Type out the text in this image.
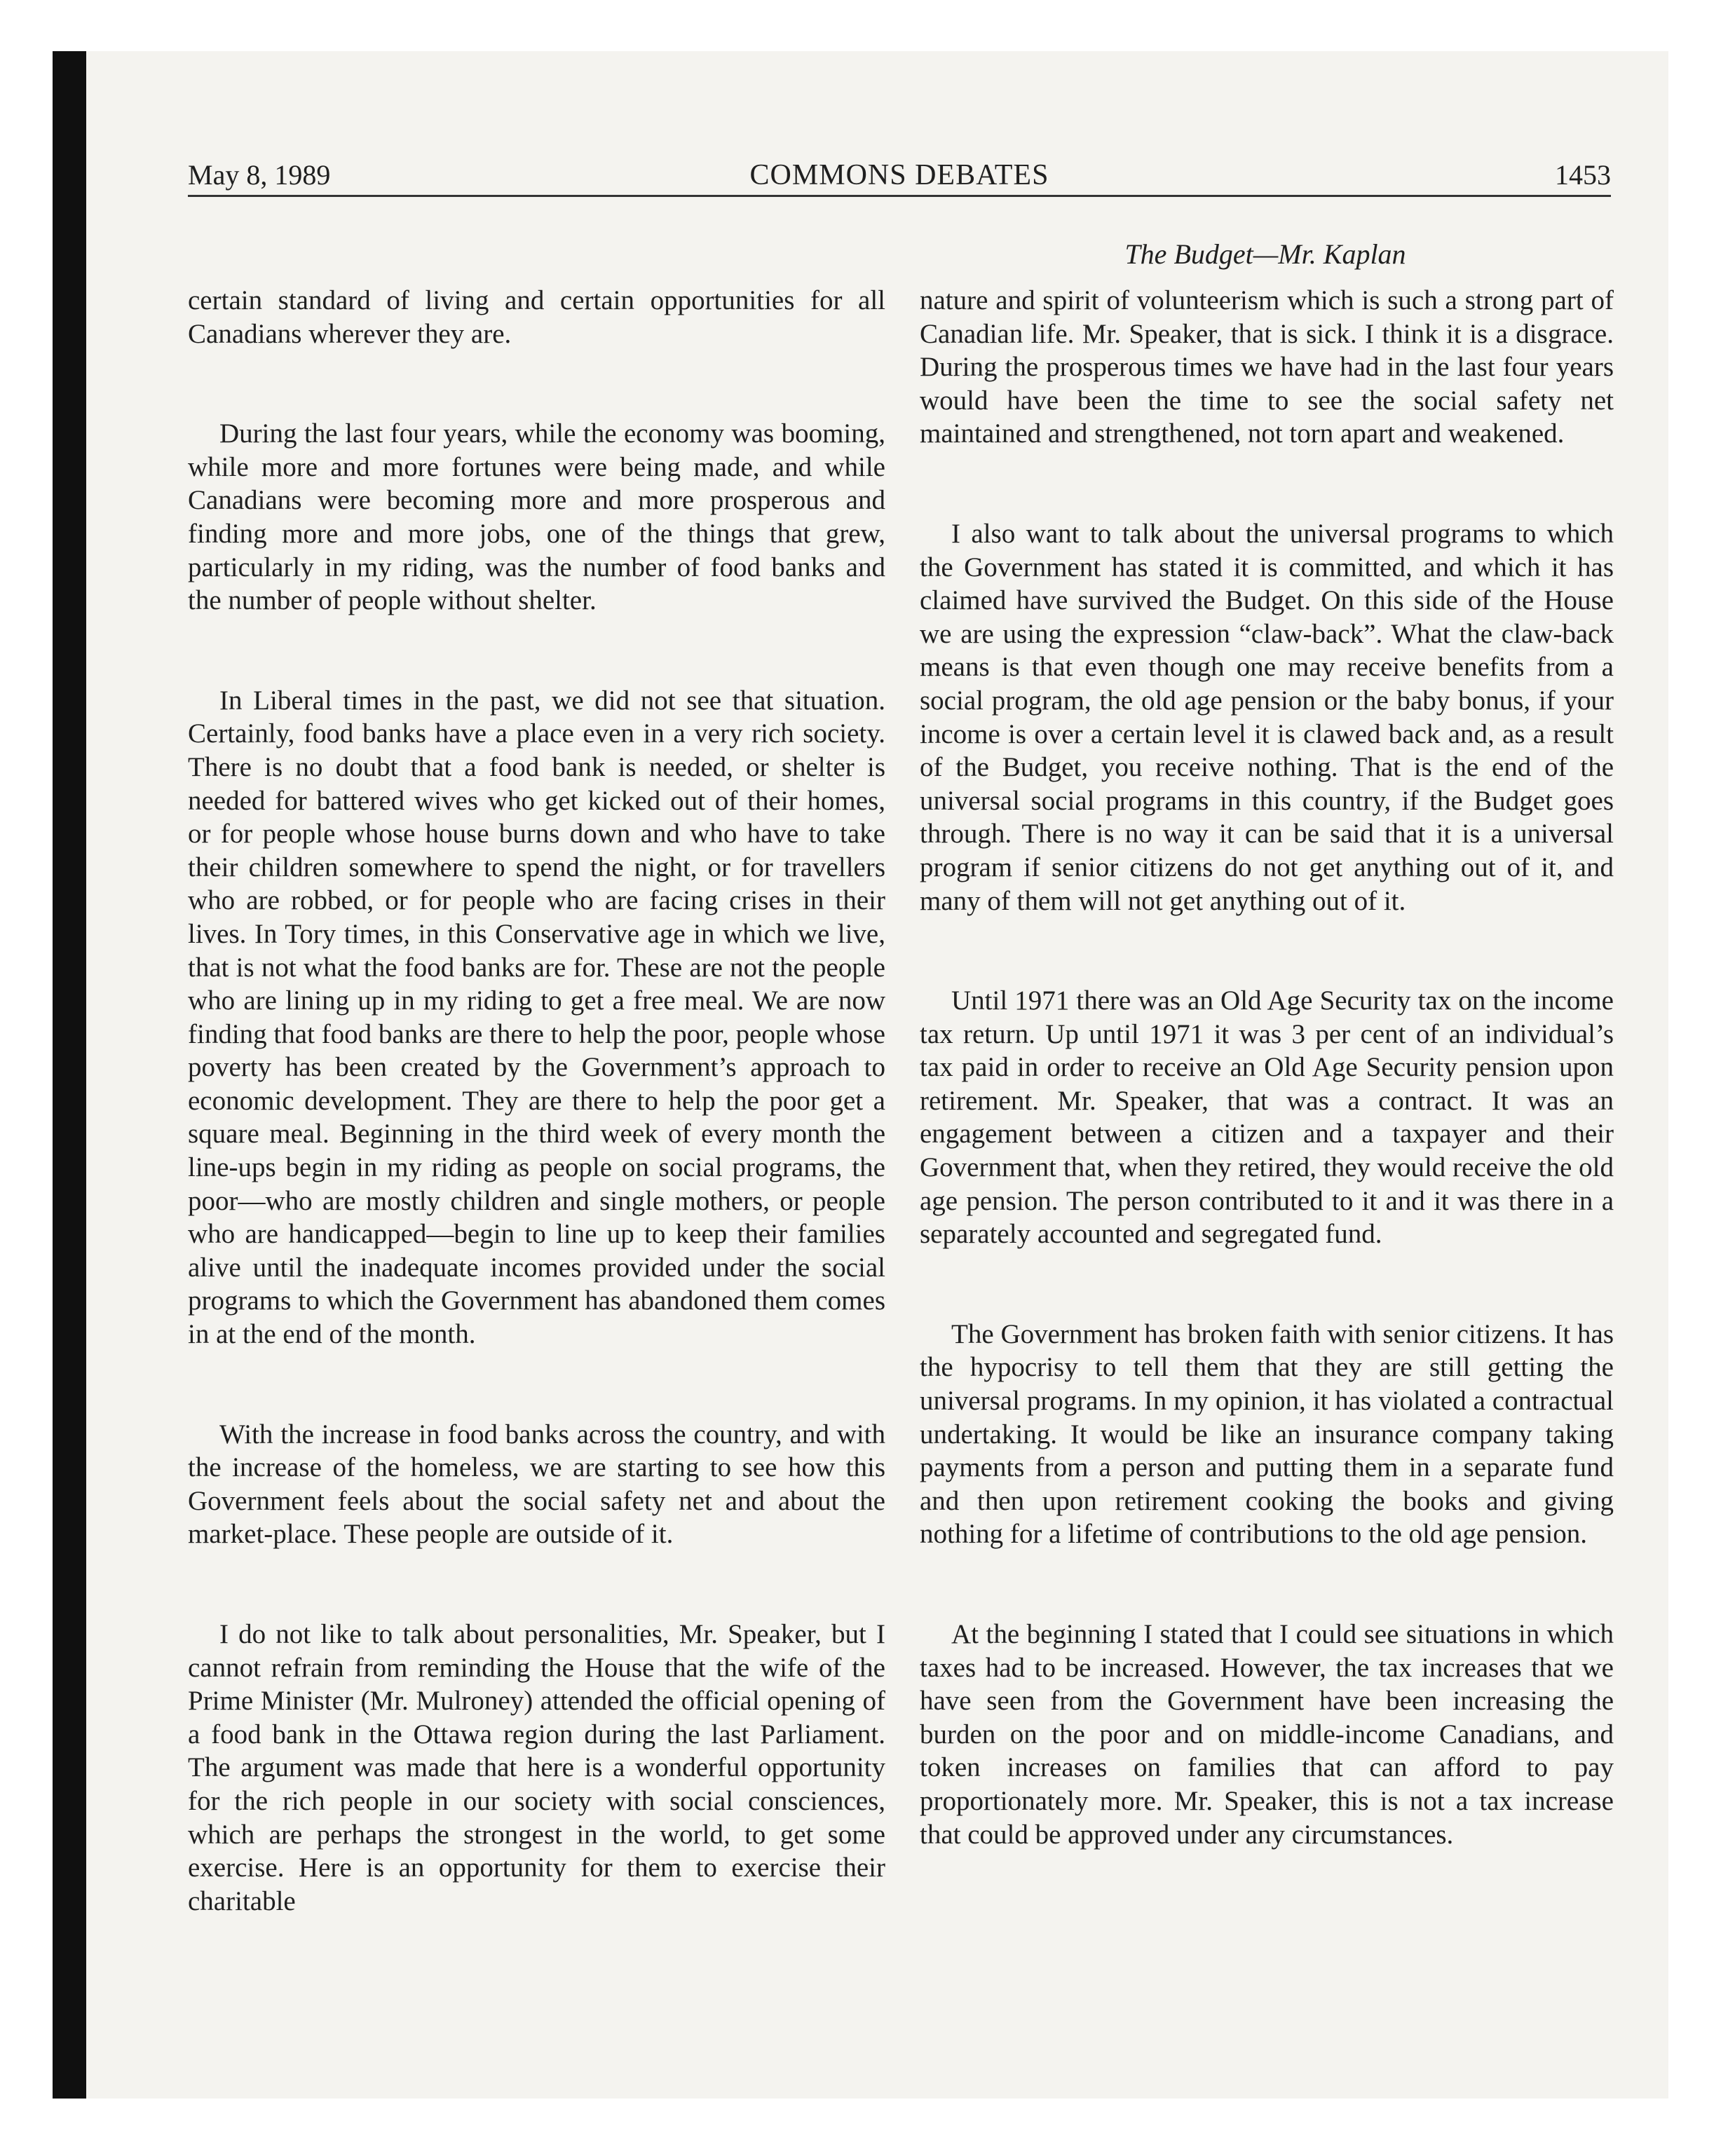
May 8, 1989	COMMONS DEBATES	1453
The Budget—Mr. Kaplan

certain standard of living and certain opportunities for all Canadians wherever they are.

During the last four years, while the economy was booming, while more and more fortunes were being made, and while Canadians were becoming more and more prosperous and finding more and more jobs, one of the things that grew, particularly in my riding, was the number of food banks and the number of people without shelter.

In Liberal times in the past, we did not see that situation. Certainly, food banks have a place even in a very rich society. There is no doubt that a food bank is needed, or shelter is needed for battered wives who get kicked out of their homes, or for people whose house burns down and who have to take their children somewhere to spend the night, or for travellers who are robbed, or for people who are facing crises in their lives. In Tory times, in this Conservative age in which we live, that is not what the food banks are for. These are not the people who are lining up in my riding to get a free meal. We are now finding that food banks are there to help the poor, people whose poverty has been created by the Government’s approach to economic development. They are there to help the poor get a square meal. Beginning in the third week of every month the line-ups begin in my riding as people on social programs, the poor—who are mostly children and single mothers, or people who are handicapped—begin to line up to keep their families alive until the inadequate incomes provided under the social programs to which the Government has abandoned them comes in at the end of the month.

With the increase in food banks across the country, and with the increase of the homeless, we are starting to see how this Government feels about the social safety net and about the market-place. These people are outside of it.

I do not like to talk about personalities, Mr. Speaker, but I cannot refrain from reminding the House that the wife of the Prime Minister (Mr. Mulroney) attended the official opening of a food bank in the Ottawa region during the last Parliament. The argument was made that here is a wonderful opportunity for the rich people in our society with social consciences, which are perhaps the strongest in the world, to get some exercise. Here is an opportunity for them to exercise their charitable

nature and spirit of volunteerism which is such a strong part of Canadian life. Mr. Speaker, that is sick. I think it is a disgrace. During the prosperous times we have had in the last four years would have been the time to see the social safety net maintained and strengthened, not torn apart and weakened.

I also want to talk about the universal programs to which the Government has stated it is committed, and which it has claimed have survived the Budget. On this side of the House we are using the expression “claw-back”. What the claw-back means is that even though one may receive benefits from a social program, the old age pension or the baby bonus, if your income is over a certain level it is clawed back and, as a result of the Budget, you receive nothing. That is the end of the universal social programs in this country, if the Budget goes through. There is no way it can be said that it is a universal program if senior citizens do not get anything out of it, and many of them will not get anything out of it.

Until 1971 there was an Old Age Security tax on the income tax return. Up until 1971 it was 3 per cent of an individual’s tax paid in order to receive an Old Age Security pension upon retirement. Mr. Speaker, that was a contract. It was an engagement between a citizen and a taxpayer and their Government that, when they retired, they would receive the old age pension. The person contributed to it and it was there in a separately accounted and segregated fund.

The Government has broken faith with senior citizens. It has the hypocrisy to tell them that they are still getting the universal programs. In my opinion, it has violated a contractual undertaking. It would be like an insurance company taking payments from a person and putting them in a separate fund and then upon retirement cooking the books and giving nothing for a lifetime of contributions to the old age pension.

At the beginning I stated that I could see situations in which taxes had to be increased. However, the tax increases that we have seen from the Government have been increasing the burden on the poor and on middle-income Canadians, and token increases on families that can afford to pay proportionately more. Mr. Speaker, this is not a tax increase that could be approved under any circumstances.
